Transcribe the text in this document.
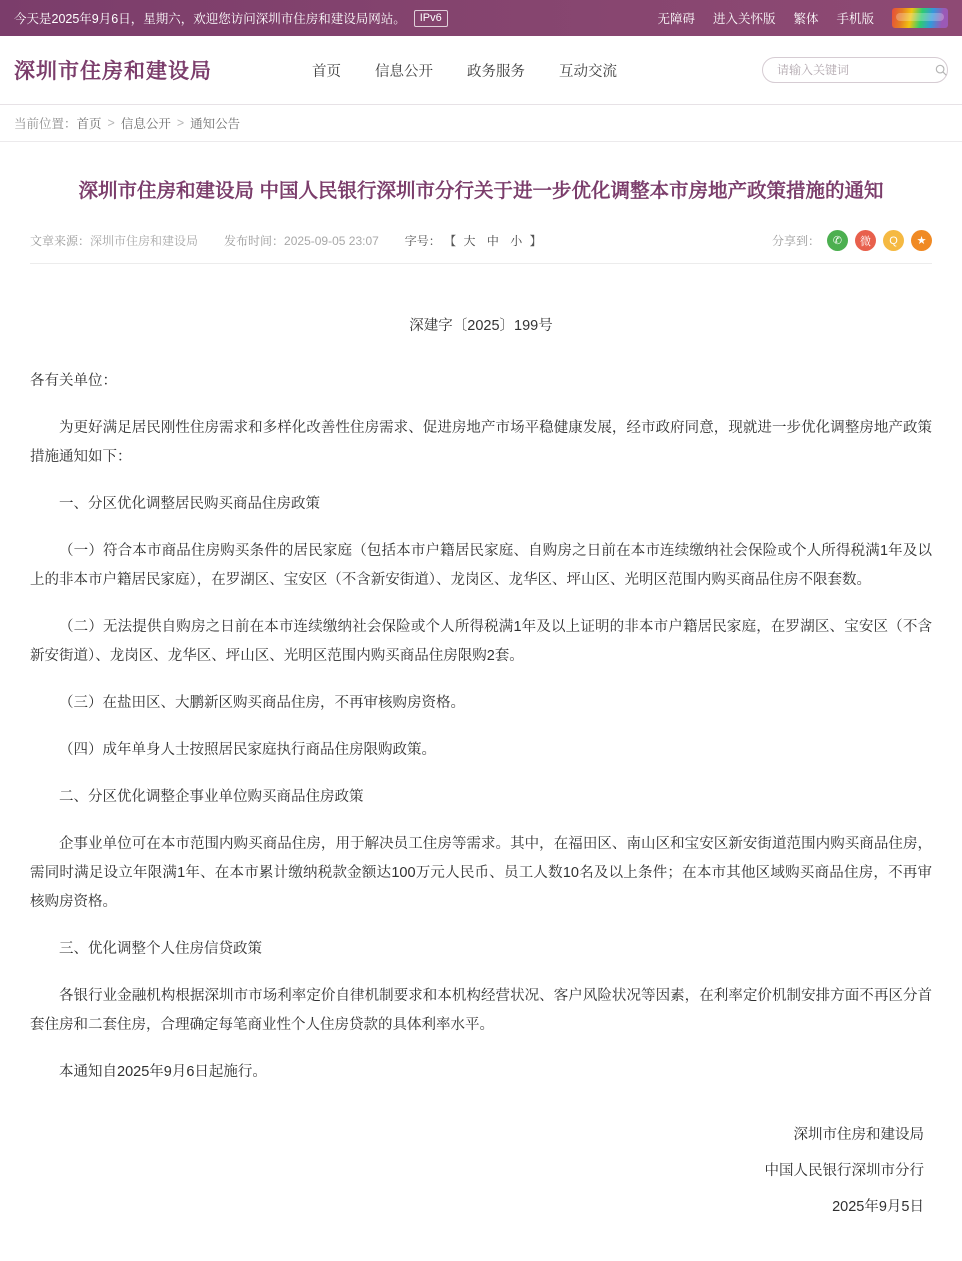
今天是2025年9月6日，星期六，欢迎您访问深圳市住房和建设局网站。	IPv6	无障碍 进入关怀版 繁体 手机版
深圳市住房和建设局	首页 信息公开 政务服务 互动交流
请输入关键词
当前位置： 首页 > 信息公开 > 通知公告
深圳市住房和建设局 中国人民银行深圳市分行关于进一步优化调整本市房地产政策措施的通知
文章来源：深圳市住房和建设局 发布时间：2025-09-05 23:07 字号： 【 大 中 小 】	分享到：	✆	微	Q	★
深建字〔2025〕199号

各有关单位：

为更好满足居民刚性住房需求和多样化改善性住房需求、促进房地产市场平稳健康发展，经市政府同意，现就进一步优化调整房地产政策措施通知如下：

一、分区优化调整居民购买商品住房政策

（一）符合本市商品住房购买条件的居民家庭（包括本市户籍居民家庭、自购房之日前在本市连续缴纳社会保险或个人所得税满1年及以上的非本市户籍居民家庭），在罗湖区、宝安区（不含新安街道）、龙岗区、龙华区、坪山区、光明区范围内购买商品住房不限套数。

（二）无法提供自购房之日前在本市连续缴纳社会保险或个人所得税满1年及以上证明的非本市户籍居民家庭，在罗湖区、宝安区（不含新安街道）、龙岗区、龙华区、坪山区、光明区范围内购买商品住房限购2套。

（三）在盐田区、大鹏新区购买商品住房，不再审核购房资格。

（四）成年单身人士按照居民家庭执行商品住房限购政策。

二、分区优化调整企事业单位购买商品住房政策

企事业单位可在本市范围内购买商品住房，用于解决员工住房等需求。其中，在福田区、南山区和宝安区新安街道范围内购买商品住房，需同时满足设立年限满1年、在本市累计缴纳税款金额达100万元人民币、员工人数10名及以上条件；在本市其他区域购买商品住房，不再审核购房资格。

三、优化调整个人住房信贷政策

各银行业金融机构根据深圳市市场利率定价自律机制要求和本机构经营状况、客户风险状况等因素，在利率定价机制安排方面不再区分首套住房和二套住房，合理确定每笔商业性个人住房贷款的具体利率水平。

本通知自2025年9月6日起施行。

深圳市住房和建设局

中国人民银行深圳市分行

2025年9月5日
